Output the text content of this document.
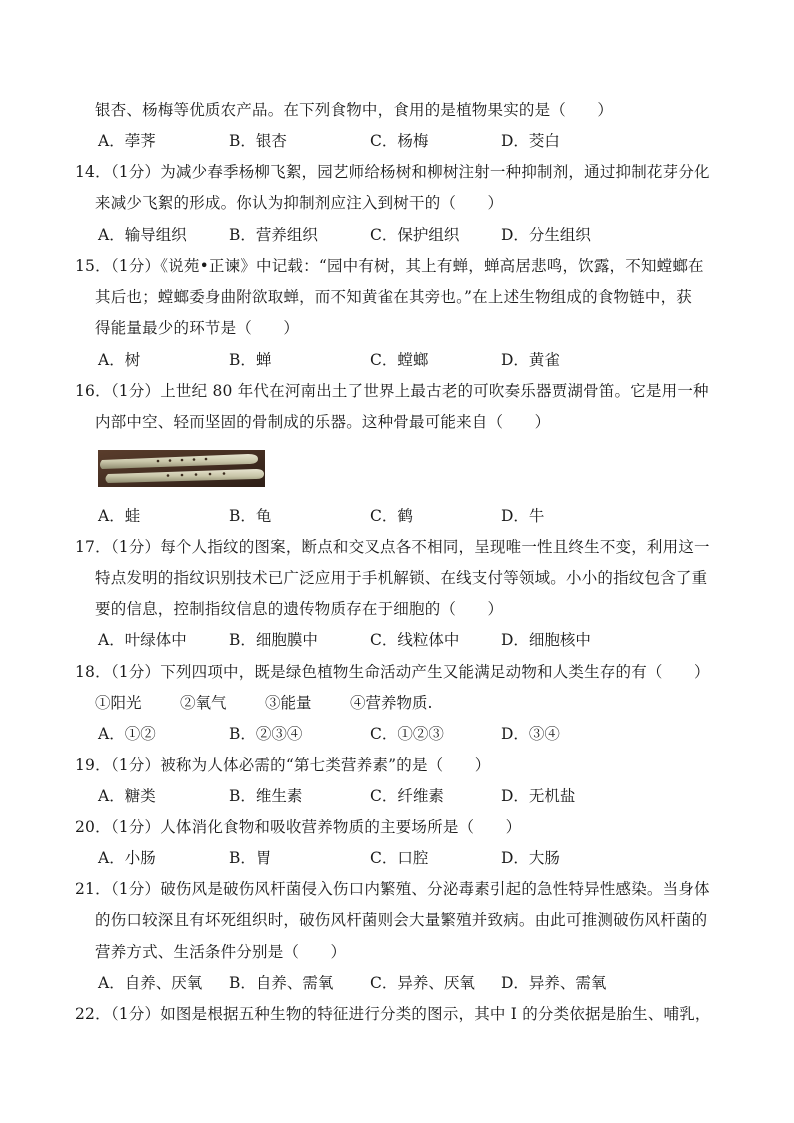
银杏、杨梅等优质农产品。在下列食物中，食用的是植物果实的是（　　）
A．荸荠	B．银杏	C．杨梅	D．茭白
14．（1分）为减少春季杨柳飞絮，园艺师给杨树和柳树注射一种抑制剂，通过抑制花芽分化
来减少飞絮的形成。你认为抑制剂应注入到树干的（　　）
A．输导组织	B．营养组织	C．保护组织	D．分生组织
15．（1分）《说苑•正谏》中记载：“园中有树，其上有蝉，蝉高居悲鸣，饮露，不知螳螂在
其后也；螳螂委身曲附欲取蝉，而不知黄雀在其旁也。”在上述生物组成的食物链中，获
得能量最少的环节是（　　）
A．树	B．蝉	C．螳螂	D．黄雀
16．（1分）上世纪 80 年代在河南出土了世界上最古老的可吹奏乐器贾湖骨笛。它是用一种
内部中空、轻而坚固的骨制成的乐器。这种骨最可能来自（　　）
A．蛙	B．龟	C．鹤	D．牛
17．（1分）每个人指纹的图案，断点和交叉点各不相同，呈现唯一性且终生不变，利用这一
特点发明的指纹识别技术已广泛应用于手机解锁、在线支付等领域。小小的指纹包含了重
要的信息，控制指纹信息的遗传物质存在于细胞的（　　）
A．叶绿体中	B．细胞膜中	C．线粒体中	D．细胞核中
18．（1分）下列四项中，既是绿色植物生命活动产生又能满足动物和人类生存的有（　　）
①阳光 ②氧气 ③能量 ④营养物质.
A．①②	B．②③④	C．①②③	D．③④
19．（1分）被称为人体必需的“第七类营养素”的是（　　）
A．糖类	B．维生素	C．纤维素	D．无机盐
20．（1分）人体消化食物和吸收营养物质的主要场所是（　　）
A．小肠	B．胃	C．口腔	D．大肠
21．（1分）破伤风是破伤风杆菌侵入伤口内繁殖、分泌毒素引起的急性特异性感染。当身体
的伤口较深且有坏死组织时，破伤风杆菌则会大量繁殖并致病。由此可推测破伤风杆菌的
营养方式、生活条件分别是（　　）
A．自养、厌氧 B．自养、需氧 C．异养、厌氧 D．异养、需氧
22．（1分）如图是根据五种生物的特征进行分类的图示，其中 I 的分类依据是胎生、哺乳，
